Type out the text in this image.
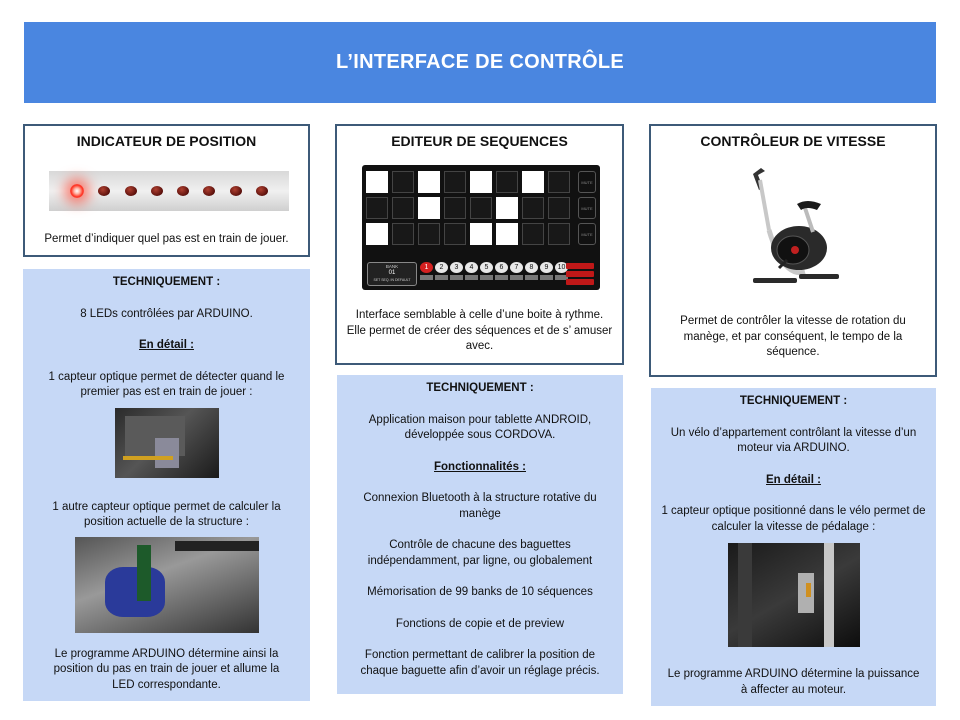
L’INTERFACE DE CONTRÔLE
INDICATEUR DE POSITION

Permet d’indiquer quel pas est en train de jouer.

TECHNIQUEMENT :
8 LEDs contrôlées par ARDUINO.
En détail :
1 capteur optique permet de détecter quand le premier pas est en train de jouer :
1 autre capteur optique permet de calculer la position actuelle de la structure :
Le programme ARDUINO détermine ainsi la position du pas en train de jouer et allume la LED correspondante.
EDITEUR DE SEQUENCES
MUTE
MUTE
MUTE
BANK
01
SET SEQ. IN DEFAULT
1	2	3	4	5	6	7	8	9	10

Interface semblable à celle d’une boite à rythme. Elle permet de créer des séquences et de s’ amuser avec.

TECHNIQUEMENT :
Application maison pour tablette ANDROID, développée sous CORDOVA.
Fonctionnalités :
Connexion Bluetooth à la structure rotative du manège
Contrôle de chacune des baguettes indépendamment, par ligne, ou globalement
Mémorisation de 99 banks de 10 séquences
Fonctions de copie et de preview
Fonction permettant de calibrer la position de chaque baguette afin d’avoir un réglage précis.
CONTRÔLEUR DE VITESSE

Permet de contrôler la vitesse de rotation du manège, et par conséquent, le tempo de la séquence.

TECHNIQUEMENT :
Un vélo d’appartement contrôlant la vitesse d’un moteur via ARDUINO.
En détail :
1 capteur optique positionné dans le vélo permet de calculer la vitesse de pédalage :
Le programme ARDUINO détermine la puissance à affecter au moteur.
